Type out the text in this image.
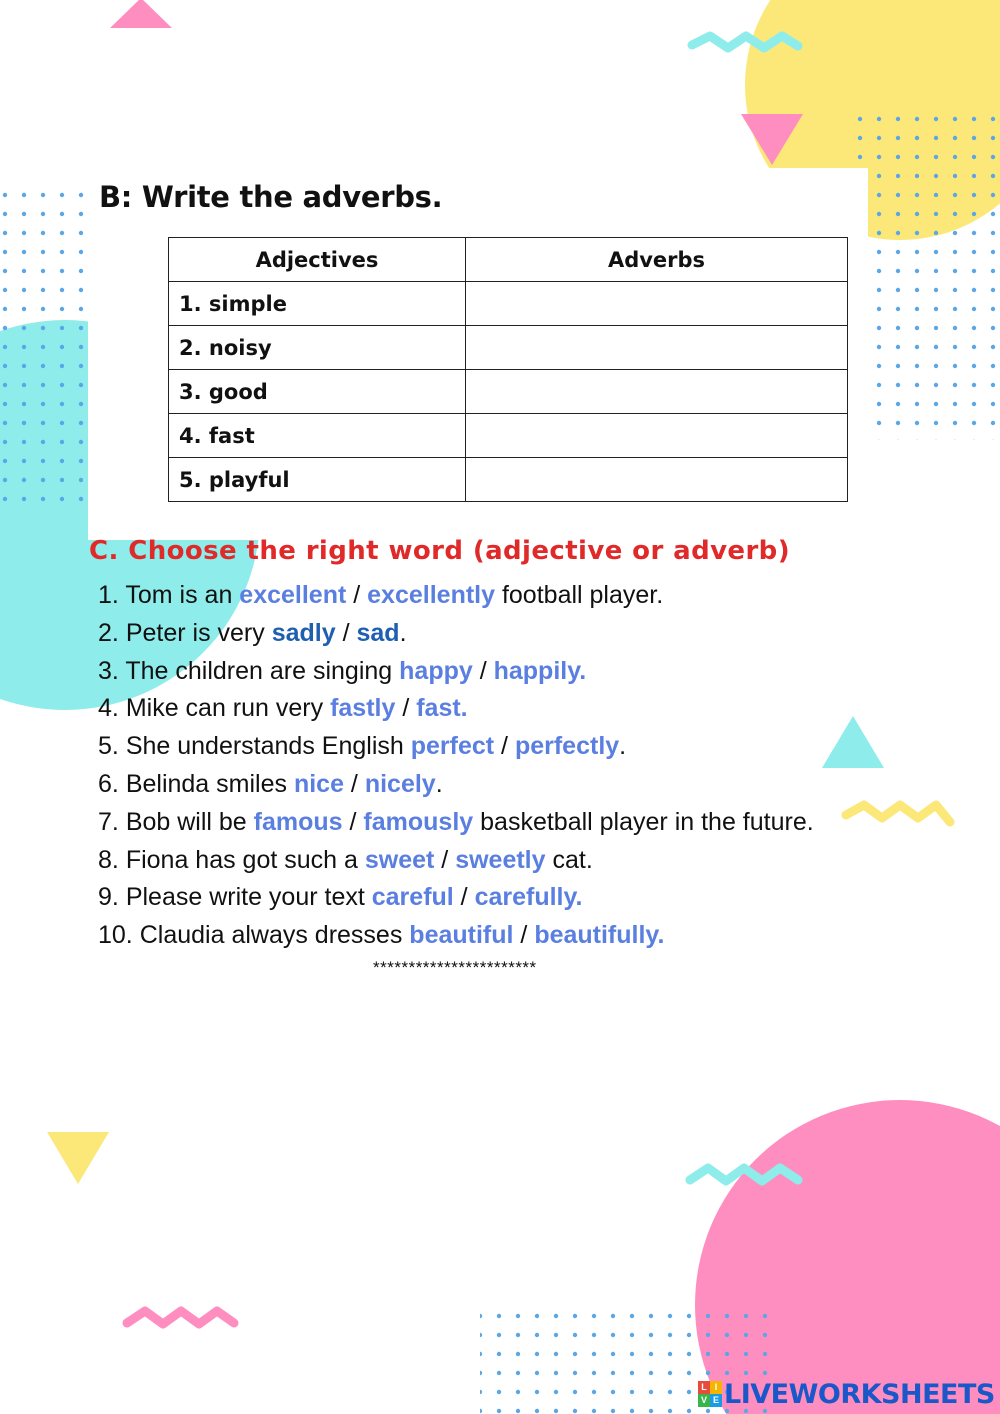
B: Write the adverbs.
Adjectives	Adverbs
1. simple	
2. noisy	
3. good	
4. fast	
5. playful	
C. Choose the right word (adjective or adverb)
1. Tom is an excellent / excellently football player.
2. Peter is very sadly / sad.
3. The children are singing happy / happily.
4. Mike can run very fastly / fast.
5. She understands English perfect / perfectly.
6. Belinda smiles nice / nicely.
7. Bob will be famous / famously basketball player in the future.
8. Fiona has got such a sweet / sweetly cat.
9. Please write your text careful / carefully.
10. Claudia always dresses beautiful / beautifully.
***********************
L I
V E LIVEWORKSHEETS
